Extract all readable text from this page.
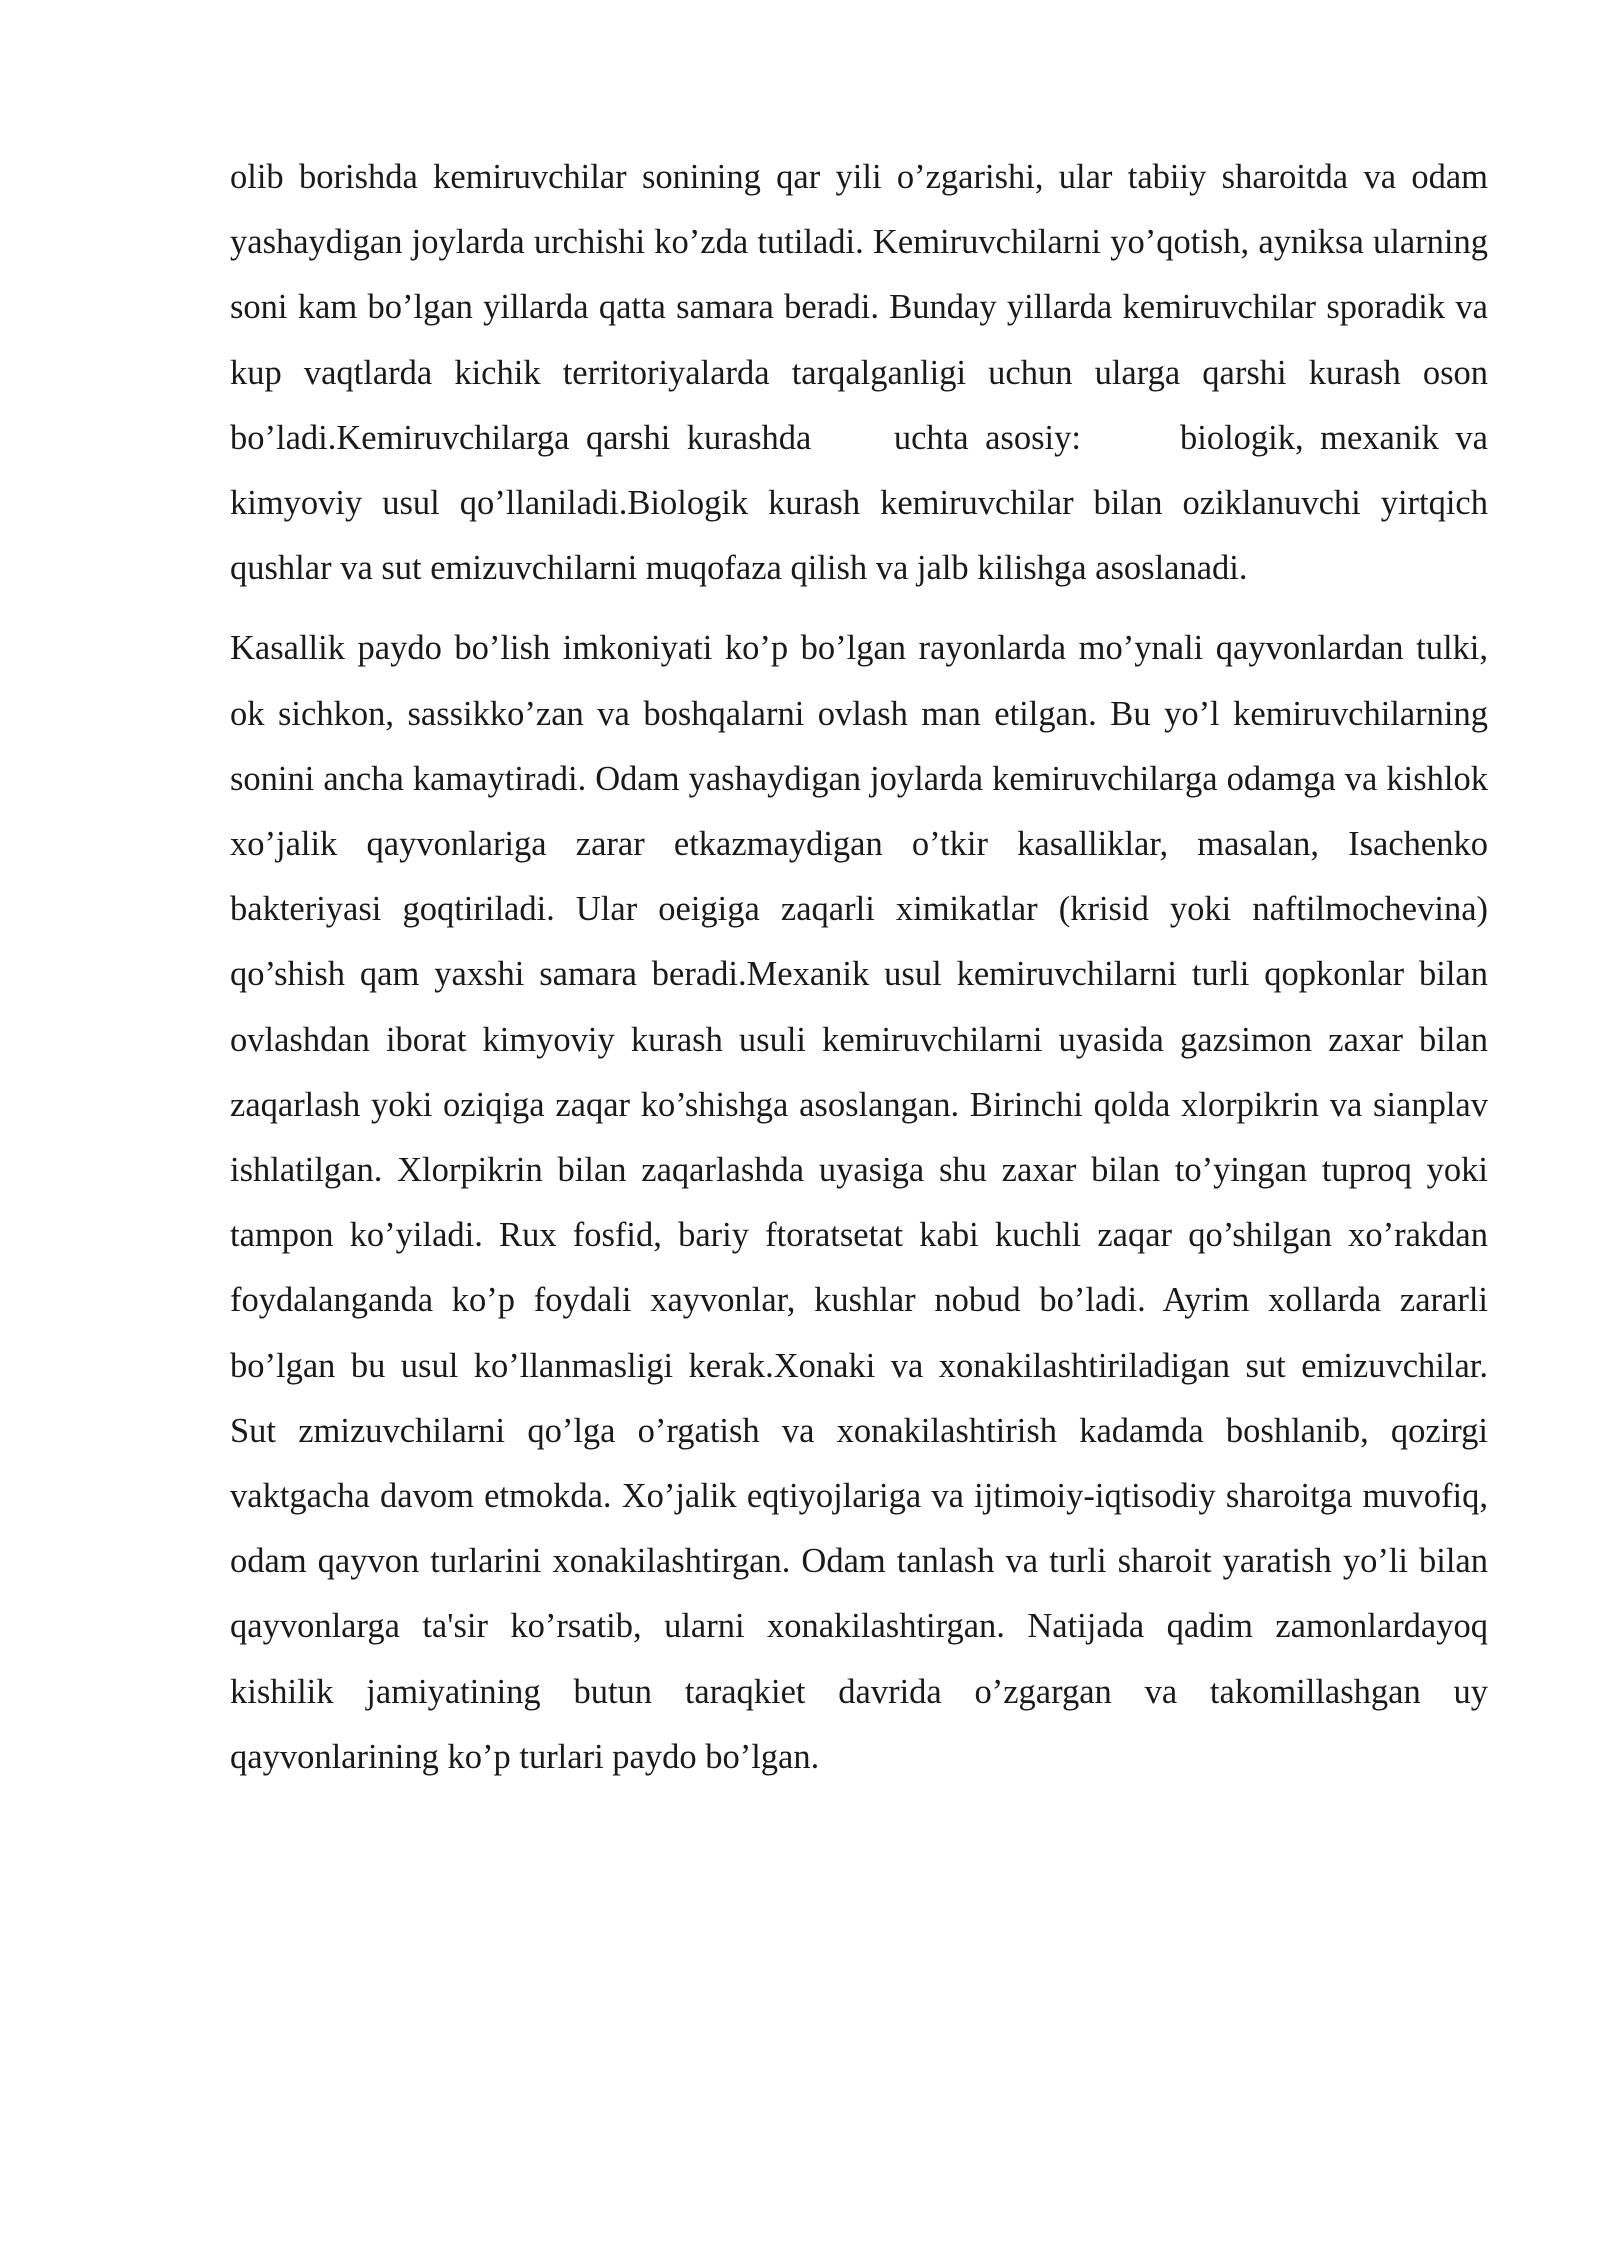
olib borishda kemiruvchilar sonining qar yili o’zgarishi, ular tabiiy sharoitda va odam yashaydigan joylarda urchishi ko’zda tutiladi. Kemiruvchilarni yo’qotish, ayniksa ularning soni kam bo’lgan yillarda qatta samara beradi. Bunday yillarda kemiruvchilar sporadik va kup vaqtlarda kichik territoriyalarda tarqalganligi uchun ularga qarshi kurash oson bo’ladi.Kemiruvchilarga qarshi kurashda     uchta asosiy:      biologik, mexanik va kimyoviy usul qo’llaniladi.Biologik kurash kemiruvchilar bilan oziklanuvchi yirtqich qushlar va sut emizuvchilarni muqofaza qilish va jalb kilishga asoslanadi.

Kasallik paydo bo’lish imkoniyati ko’p bo’lgan rayonlarda mo’ynali qayvonlardan tulki, ok sichkon, sassikko’zan va boshqalarni ovlash man etilgan. Bu yo’l kemiruvchilarning sonini ancha kamaytiradi. Odam yashaydigan joylarda kemiruvchilarga odamga va kishlok xo’jalik qayvonlariga zarar etkazmaydigan o’tkir kasalliklar, masalan, Isachenko bakteriyasi goqtiriladi. Ular oeigiga zaqarli ximikatlar (krisid yoki naftilmochevina) qo’shish qam yaxshi samara beradi.Mexanik usul kemiruvchilarni turli qopkonlar bilan ovlashdan iborat kimyoviy kurash usuli kemiruvchilarni uyasida gazsimon zaxar bilan zaqarlash yoki oziqiga zaqar ko’shishga asoslangan. Birinchi qolda xlorpikrin va sianplav ishlatilgan. Xlorpikrin bilan zaqarlashda uyasiga shu zaxar bilan to’yingan tuproq yoki tampon ko’yiladi. Rux fosfid, bariy ftoratsetat kabi kuchli zaqar qo’shilgan xo’rakdan foydalanganda ko’p foydali xayvonlar, kushlar nobud bo’ladi. Ayrim xollarda zararli bo’lgan bu usul ko’llanmasligi kerak.Xonaki va xonakilashtiriladigan sut emizuvchilar. Sut zmizuvchilarni qo’lga o’rgatish va xonakilashtirish kadamda boshlanib, qozirgi vaktgacha davom etmokda. Xo’jalik eqtiyojlariga va ijtimoiy-iqtisodiy sharoitga muvofiq, odam qayvon turlarini xonakilashtirgan. Odam tanlash va turli sharoit yaratish yo’li bilan qayvonlarga ta'sir ko’rsatib, ularni xonakilashtirgan. Natijada qadim zamonlardayoq kishilik jamiyatining butun taraqkiet davrida o’zgargan va takomillashgan uy qayvonlarining ko’p turlari paydo bo’lgan.
